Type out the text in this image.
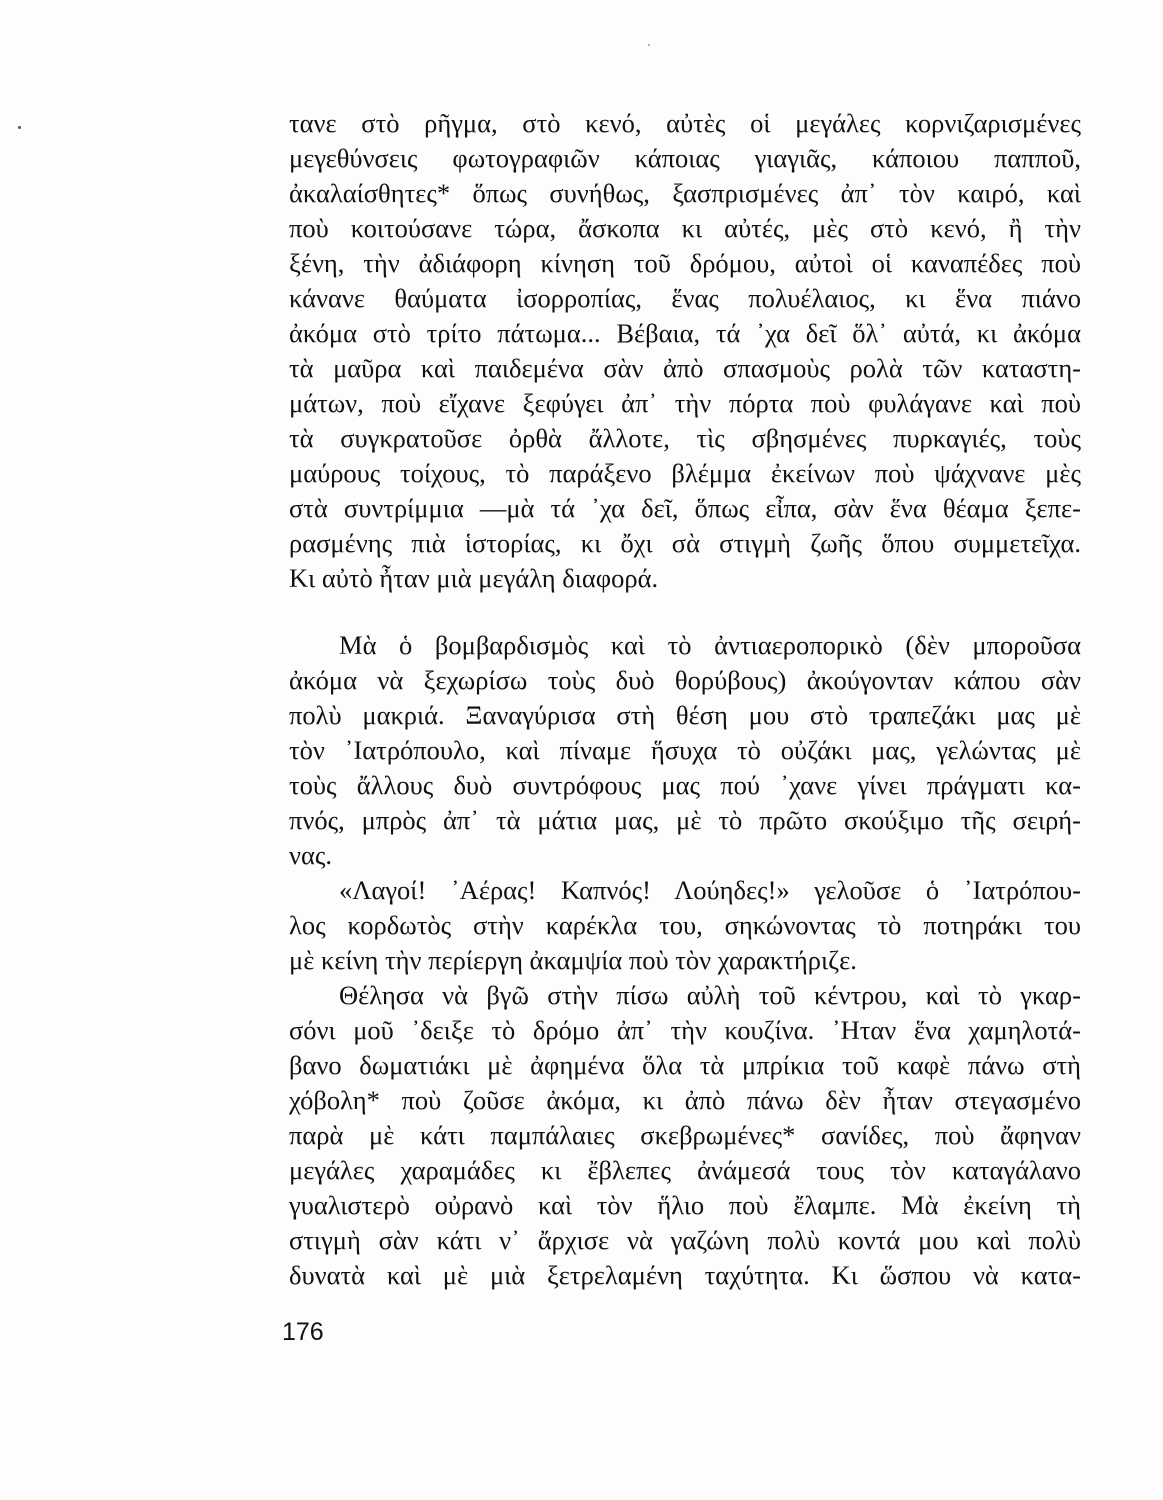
τανε στὸ ρῆγμα, στὸ κενό, αὐτὲς οἱ μεγάλες κορνιζαρισμένες
μεγεθύνσεις φωτογραφιῶν κάποιας γιαγιᾶς, κάποιου παπποῦ,
ἀκαλαίσθητες* ὅπως συνήθως, ξασπρισμένες ἀπ᾿ τὸν καιρό, καὶ
ποὺ κοιτούσανε τώρα, ἄσκοπα κι αὐτές, μὲς στὸ κενό, ἢ τὴν
ξένη, τὴν ἀδιάφορη κίνηση τοῦ δρόμου, αὐτοὶ οἱ καναπέδες ποὺ
κάνανε θαύματα ἰσορροπίας, ἕνας πολυέλαιος, κι ἕνα πιάνο
ἀκόμα στὸ τρίτο πάτωμα... Βέβαια, τά ᾿χα δεῖ ὅλ᾿ αὐτά, κι ἀκόμα
τὰ μαῦρα καὶ παιδεμένα σὰν ἀπὸ σπασμοὺς ρολὰ τῶν καταστη-
μάτων, ποὺ εἴχανε ξεφύγει ἀπ᾿ τὴν πόρτα ποὺ φυλάγανε καὶ ποὺ
τὰ συγκρατοῦσε ὀρθὰ ἄλλοτε, τὶς σβησμένες πυρκαγιές, τοὺς
μαύρους τοίχους, τὸ παράξενο βλέμμα ἐκείνων ποὺ ψάχνανε μὲς
στὰ συντρίμμια —μὰ τά ᾿χα δεῖ, ὅπως εἶπα, σὰν ἕνα θέαμα ξεπε-
ρασμένης πιὰ ἱστορίας, κι ὄχι σὰ στιγμὴ ζωῆς ὅπου συμμετεῖχα.
Κι αὐτὸ ἦταν μιὰ μεγάλη διαφορά.
Μὰ ὁ βομβαρδισμὸς καὶ τὸ ἀντιαεροπορικὸ (δὲν μποροῦσα
ἀκόμα νὰ ξεχωρίσω τοὺς δυὸ θορύβους) ἀκούγονταν κάπου σὰν
πολὺ μακριά. Ξαναγύρισα στὴ θέση μου στὸ τραπεζάκι μας μὲ
τὸν ᾿Ιατρόπουλο, καὶ πίναμε ἥσυχα τὸ οὐζάκι μας, γελώντας μὲ
τοὺς ἄλλους δυὸ συντρόφους μας πού ᾿χανε γίνει πράγματι κα-
πνός, μπρὸς ἀπ᾿ τὰ μάτια μας, μὲ τὸ πρῶτο σκούξιμο τῆς σειρή-
νας.
«Λαγοί! ᾿Αέρας! Καπνός! Λούηδες!» γελοῦσε ὁ ᾿Ιατρόπου-
λος κορδωτὸς στὴν καρέκλα του, σηκώνοντας τὸ ποτηράκι του
μὲ κείνη τὴν περίεργη ἀκαμψία ποὺ τὸν χαρακτήριζε.
Θέλησα νὰ βγῶ στὴν πίσω αὐλὴ τοῦ κέντρου, καὶ τὸ γκαρ-
σόνι μοῦ ᾿δειξε τὸ δρόμο ἀπ᾿ τὴν κουζίνα. ᾿Ηταν ἕνα χαμηλοτά-
βανο δωματιάκι μὲ ἀφημένα ὅλα τὰ μπρίκια τοῦ καφὲ πάνω στὴ
χόβολη* ποὺ ζοῦσε ἀκόμα, κι ἀπὸ πάνω δὲν ἦταν στεγασμένο
παρὰ μὲ κάτι παμπάλαιες σκεβρωμένες* σανίδες, ποὺ ἄφηναν
μεγάλες χαραμάδες κι ἔβλεπες ἀνάμεσά τους τὸν καταγάλανο
γυαλιστερὸ οὐρανὸ καὶ τὸν ἥλιο ποὺ ἔλαμπε. Μὰ ἐκείνη τὴ
στιγμὴ σὰν κάτι ν᾿ ἄρχισε νὰ γαζώνη πολὺ κοντά μου καὶ πολὺ
δυνατὰ καὶ μὲ μιὰ ξετρελαμένη ταχύτητα. Κι ὥσπου νὰ κατα-
176
